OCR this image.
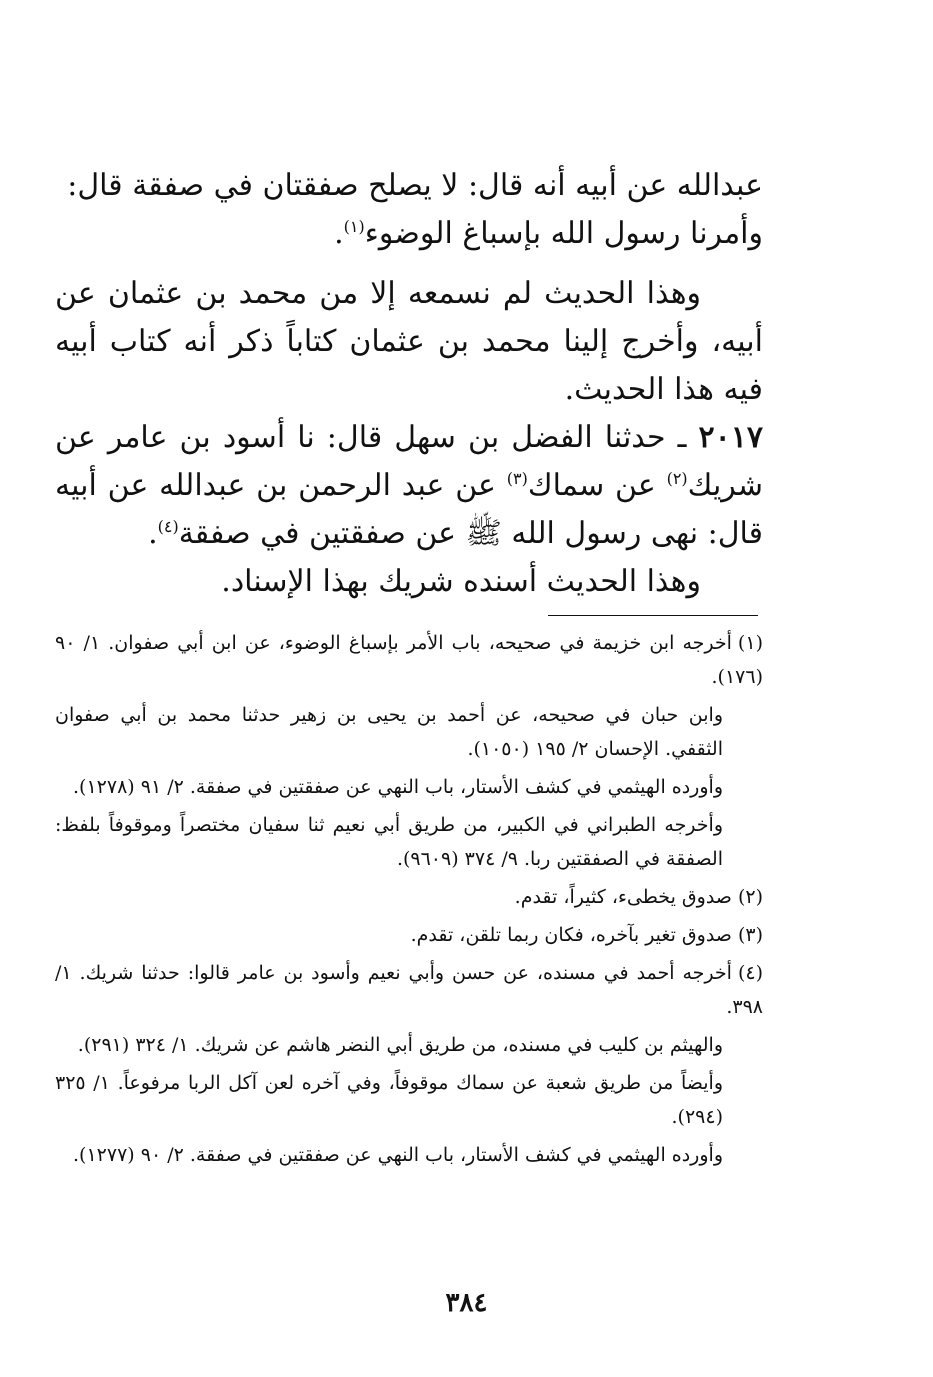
عبدالله عن أبيه أنه قال: لا يصلح صفقتان في صفقة قال:

وأمرنا رسول الله بإسباغ الوضوء$^{(١)}$.

وهذا الحديث لم نسمعه إلا من محمد بن عثمان عن أبيه، وأخرج إلينا محمد بن عثمان كتاباً ذكر أنه كتاب أبيه فيه هذا الحديث.

٢٠١٧ ـ حدثنا الفضل بن سهل قال: نا أسود بن عامر عن شريك$^{(٢)}$ عن سماك$^{(٣)}$ عن عبد الرحمن بن عبدالله عن أبيه قال: نهى رسول الله ﷺ عن صفقتين في صفقة$^{(٤)}$.

وهذا الحديث أسنده شريك بهذا الإسناد.

(١)أخرجه ابن خزيمة في صحيحه، باب الأمر بإسباغ الوضوء، عن ابن أبي صفوان. ١/ ٩٠ (١٧٦).

وابن حبان في صحيحه، عن أحمد بن يحيى بن زهير حدثنا محمد بن أبي صفوان الثقفي. الإحسان ٢/ ١٩٥ (١٠٥٠).

وأورده الهيثمي في كشف الأستار، باب النهي عن صفقتين في صفقة. ٢/ ٩١ (١٢٧٨).

وأخرجه الطبراني في الكبير، من طريق أبي نعيم ثنا سفيان مختصراً وموقوفاً بلفظ: الصفقة في الصفقتين ربا. ٩/ ٣٧٤ (٩٦٠٩).

(٢)صدوق يخطىء، كثيراً، تقدم.

(٣)صدوق تغير بآخره، فكان ربما تلقن، تقدم.

(٤)أخرجه أحمد في مسنده، عن حسن وأبي نعيم وأسود بن عامر قالوا: حدثنا شريك. ١/ ٣٩٨.

والهيثم بن كليب في مسنده، من طريق أبي النضر هاشم عن شريك. ١/ ٣٢٤ (٢٩١).

وأيضاً من طريق شعبة عن سماك موقوفاً، وفي آخره لعن آكل الربا مرفوعاً. ١/ ٣٢٥ (٢٩٤).

وأورده الهيثمي في كشف الأستار، باب النهي عن صفقتين في صفقة. ٢/ ٩٠ (١٢٧٧).

٣٨٤
